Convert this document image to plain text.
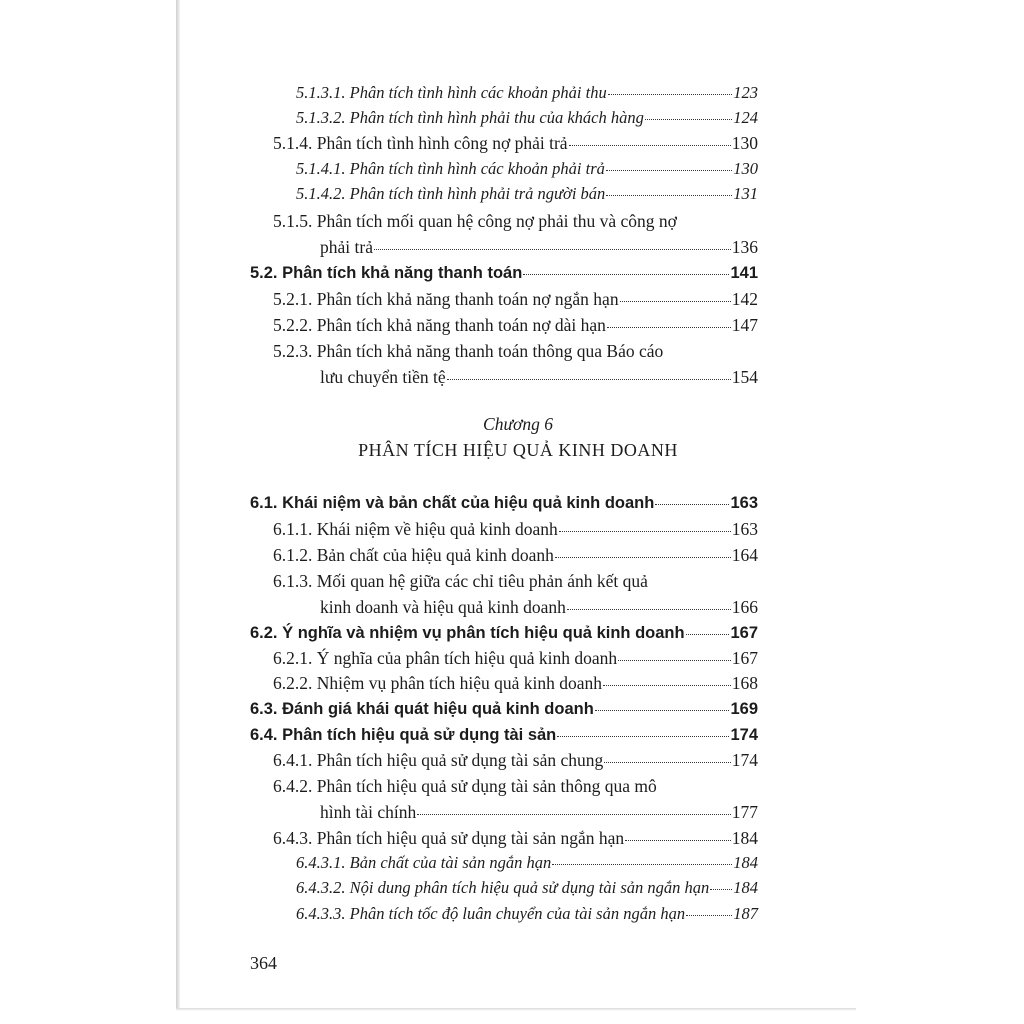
5.1.3.1. Phân tích tình hình các khoản phải thu	123
5.1.3.2. Phân tích tình hình phải thu của khách hàng	124
5.1.4. Phân tích tình hình công nợ phải trả	130
5.1.4.1. Phân tích tình hình các khoản phải trả	130
5.1.4.2. Phân tích tình hình phải trả người bán	131
5.1.5. Phân tích mối quan hệ công nợ phải thu và công nợ
phải trả	136
5.2. Phân tích khả năng thanh toán	141
5.2.1. Phân tích khả năng thanh toán nợ ngắn hạn	142
5.2.2. Phân tích khả năng thanh toán nợ dài hạn	147
5.2.3. Phân tích khả năng thanh toán thông qua Báo cáo
lưu chuyển tiền tệ	154
6.1. Khái niệm và bản chất của hiệu quả kinh doanh	163
6.1.1. Khái niệm về hiệu quả kinh doanh	163
6.1.2. Bản chất của hiệu quả kinh doanh	164
6.1.3. Mối quan hệ giữa các chỉ tiêu phản ánh kết quả
kinh doanh và hiệu quả kinh doanh	166
6.2. Ý nghĩa và nhiệm vụ phân tích hiệu quả kinh doanh	167
6.2.1. Ý nghĩa của phân tích hiệu quả kinh doanh	167
6.2.2. Nhiệm vụ phân tích hiệu quả kinh doanh	168
6.3. Đánh giá khái quát hiệu quả kinh doanh	169
6.4. Phân tích hiệu quả sử dụng tài sản	174
6.4.1. Phân tích hiệu quả sử dụng tài sản chung	174
6.4.2. Phân tích hiệu quả sử dụng tài sản thông qua mô
hình tài chính	177
6.4.3. Phân tích hiệu quả sử dụng tài sản ngắn hạn	184
6.4.3.1. Bản chất của tài sản ngắn hạn	184
6.4.3.2. Nội dung phân tích hiệu quả sử dụng tài sản ngắn hạn 184
6.4.3.3. Phân tích tốc độ luân chuyển của tài sản ngắn hạn	187
Chương 6
PHÂN TÍCH HIỆU QUẢ KINH DOANH
364
